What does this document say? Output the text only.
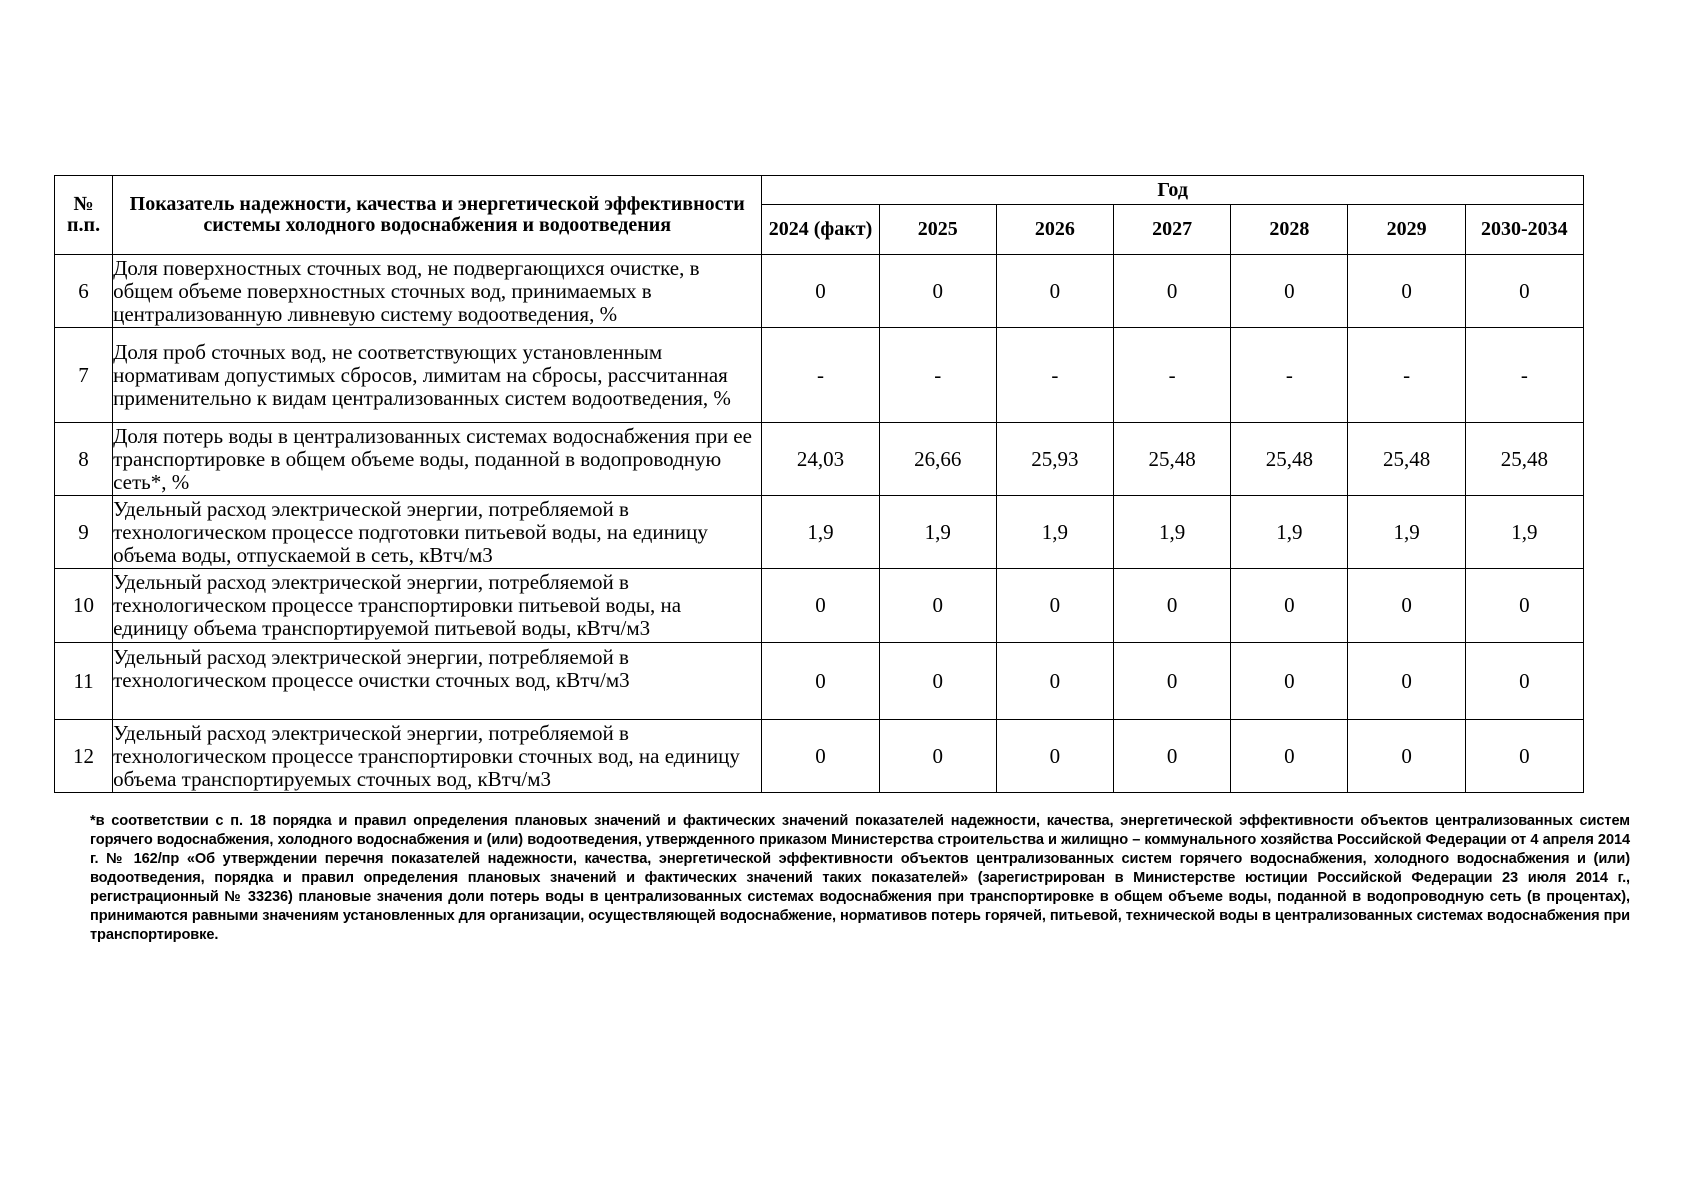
№ п.п.	Показатель надежности, качества и энергетической эффективности системы холодного водоснабжения и водоотведения	Год						
		2024 (факт)	2025	2026	2027	2028	2029	2030-2034
6	Доля поверхностных сточных вод, не подвергающихся очистке, в общем объеме поверхностных сточных вод, принимаемых в централизованную ливневую систему водоотведения, %	0	0	0	0	0	0	0
7	Доля проб сточных вод, не соответствующих установленным нормативам допустимых сбросов, лимитам на сбросы, рассчитанная применительно к видам централизованных систем водоотведения, %	-	-	-	-	-	-	-
8	Доля потерь воды в централизованных системах водоснабжения при ее транспортировке в общем объеме воды, поданной в водопроводную сеть*, %	24,03	26,66	25,93	25,48	25,48	25,48	25,48
9	Удельный расход электрической энергии, потребляемой в технологическом процессе подготовки питьевой воды, на единицу объема воды, отпускаемой в сеть, кВтч/м3	1,9	1,9	1,9	1,9	1,9	1,9	1,9
10	Удельный расход электрической энергии, потребляемой в технологическом процессе транспортировки питьевой воды, на единицу объема транспортируемой питьевой воды, кВтч/м3	0	0	0	0	0	0	0
11	Удельный расход электрической энергии, потребляемой в технологическом процессе очистки сточных вод, кВтч/м3	0	0	0	0	0	0	0
12	Удельный расход электрической энергии, потребляемой в технологическом процессе транспортировки сточных вод, на единицу объема транспортируемых сточных вод, кВтч/м3	0	0	0	0	0	0	0
*в соответствии с п. 18 порядка и правил определения плановых значений и фактических значений показателей надежности, качества, энергетической эффективности объектов централизованных систем горячего водоснабжения, холодного водоснабжения и (или) водоотведения, утвержденного приказом Министерства строительства и жилищно – коммунального хозяйства Российской Федерации от 4 апреля 2014 г. № 162/пр «Об утверждении перечня показателей надежности, качества, энергетической эффективности объектов централизованных систем горячего водоснабжения, холодного водоснабжения и (или) водоотведения, порядка и правил определения плановых значений и фактических значений таких показателей» (зарегистрирован в Министерстве юстиции Российской Федерации 23 июля 2014 г., регистрационный № 33236) плановые значения доли потерь воды в централизованных системах водоснабжения при транспортировке в общем объеме воды, поданной в водопроводную сеть (в процентах), принимаются равными значениям установленных для организации, осуществляющей водоснабжение, нормативов потерь горячей, питьевой, технической воды в централизованных системах водоснабжения при транспортировке.
